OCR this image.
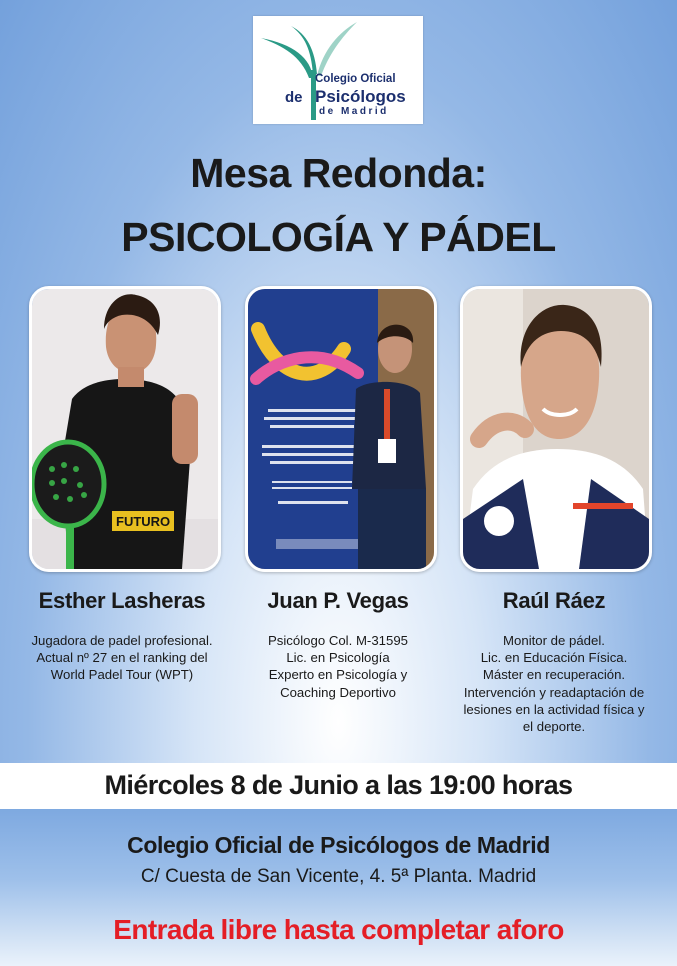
Colegio Oficial
de Psicólogos
de Madrid
Mesa Redonda:
PSICOLOGÍA Y PÁDEL
FUTURO
Esther Lasheras	Juan P. Vegas	Raúl Ráez
Jugadora de padel profesional.
Actual nº 27 en el ranking del
World Padel Tour (WPT)
Psicólogo Col. M-31595
Lic. en Psicología
Experto en Psicología y
Coaching Deportivo
Monitor de pádel.
Lic. en Educación Física.
Máster en recuperación.
Intervención y readaptación de
lesiones en la actividad física y
el deporte.
Miércoles 8 de Junio a las 19:00 horas
Colegio Oficial de Psicólogos de Madrid
C/ Cuesta de San Vicente, 4. 5ª Planta. Madrid
Entrada libre hasta completar aforo
